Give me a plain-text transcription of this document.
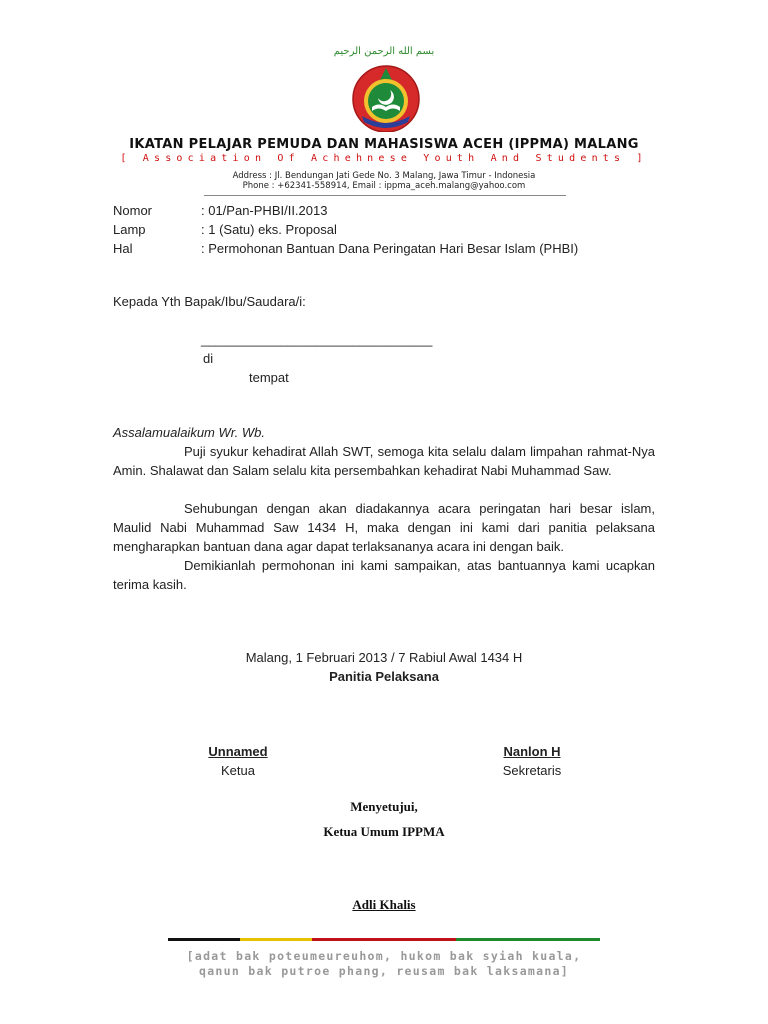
بسم الله الرحمن الرحيم
IKATAN PELAJAR PEMUDA DAN MAHASISWA ACEH (IPPMA) MALANG
[ Association Of Achehnese Youth And Students ]
Address : Jl. Bendungan Jati Gede No. 3 Malang, Jawa Timur - Indonesia
Phone : +62341-558914, Email : ippma_aceh.malang@yahoo.com
Nomor	: 01/Pan-PHBI/II.2013
Lamp	: 1 (Satu) eks. Proposal
Hal	: Permohonan Bantuan Dana Peringatan Hari Besar Islam (PHBI)
Kepada Yth Bapak/Ibu/Saudara/i:
________________________________
di
tempat
Assalamualaikum Wr. Wb.
Puji syukur kehadirat Allah SWT, semoga kita selalu dalam limpahan rahmat-Nya Amin. Shalawat dan Salam selalu kita persembahkan kehadirat Nabi Muhammad Saw.
Sehubungan dengan akan diadakannya acara peringatan hari besar islam, Maulid Nabi Muhammad Saw 1434 H, maka dengan ini kami dari panitia pelaksana mengharapkan bantuan dana agar dapat terlaksananya acara ini dengan baik.
Demikianlah permohonan ini kami sampaikan, atas bantuannya kami ucapkan terima kasih.
Malang, 1 Februari 2013 / 7 Rabiul Awal 1434 H
Panitia Pelaksana
Unnamed
Ketua
Nanlon H
Sekretaris
Menyetujui,
Ketua Umum IPPMA
Adli Khalis
[adat bak poteumeureuhom, hukom bak syiah kuala,
qanun bak putroe phang, reusam bak laksamana]
